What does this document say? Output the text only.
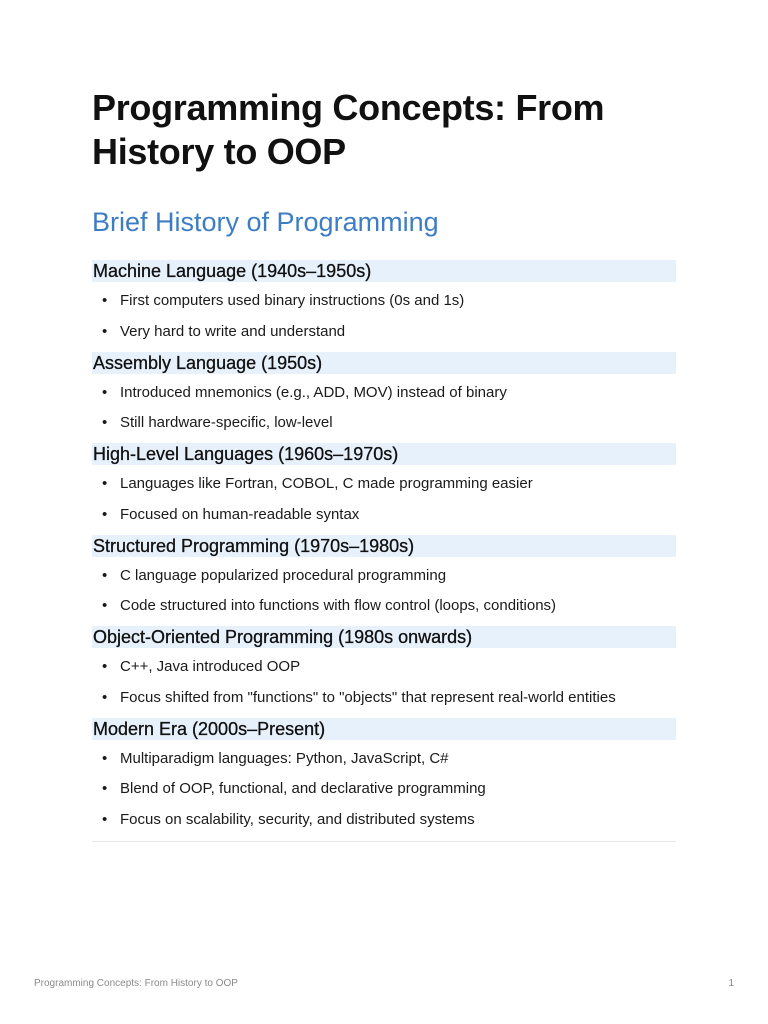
Programming Concepts: From History to OOP
Brief History of Programming
Machine Language (1940s–1950s)
• First computers used binary instructions (0s and 1s)
• Very hard to write and understand
Assembly Language (1950s)
• Introduced mnemonics (e.g., ADD, MOV) instead of binary
• Still hardware-specific, low-level
High-Level Languages (1960s–1970s)
• Languages like Fortran, COBOL, C made programming easier
• Focused on human-readable syntax
Structured Programming (1970s–1980s)
• C language popularized procedural programming
• Code structured into functions with flow control (loops, conditions)
Object-Oriented Programming (1980s onwards)
• C++, Java introduced OOP
• Focus shifted from "functions" to "objects" that represent real-world entities
Modern Era (2000s–Present)
• Multiparadigm languages: Python, JavaScript, C#
• Blend of OOP, functional, and declarative programming
• Focus on scalability, security, and distributed systems
Programming Concepts: From History to OOP	1
